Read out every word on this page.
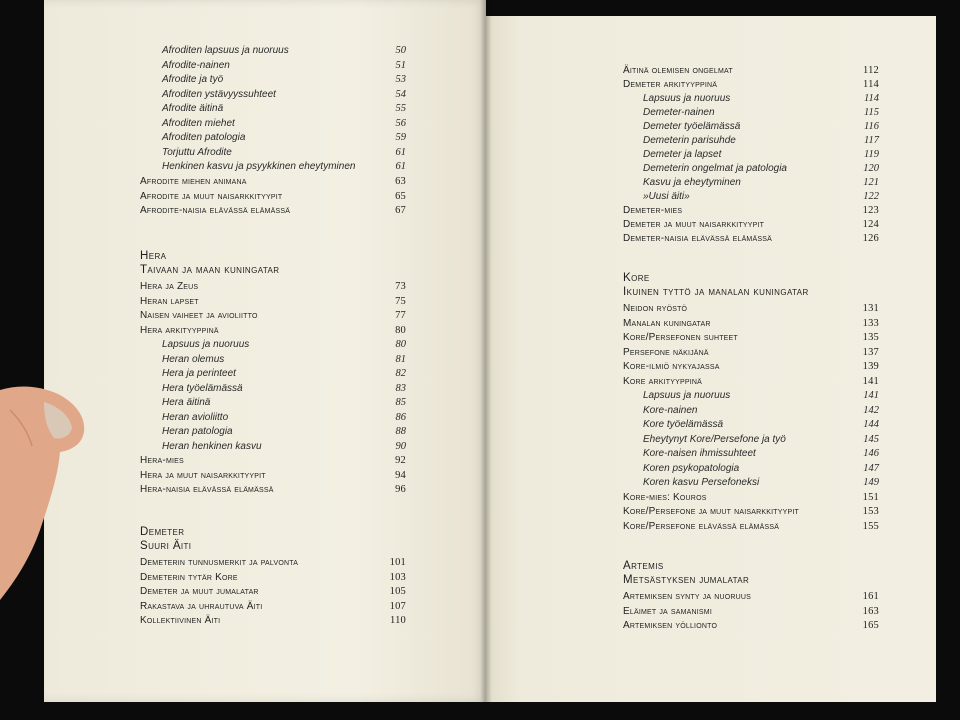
Afroditen lapsuus ja nuoruus	50
Afrodite-nainen	51
Afrodite ja työ	53
Afroditen ystävyyssuhteet	54
Afrodite äitinä	55
Afroditen miehet	56
Afroditen patologia	59
Torjuttu Afrodite	61
Henkinen kasvu ja psyykkinen eheytyminen	61
Afrodite miehen animana	63
Afrodite ja muut naisarkkityypit	65
Afrodite-naisia elävässä elämässä	67
Hera
Taivaan ja maan kuningatar
Hera ja Zeus	73
Heran lapset	75
Naisen vaiheet ja avioliitto	77
Hera arkityyppinä	80
Lapsuus ja nuoruus	80
Heran olemus	81
Hera ja perinteet	82
Hera työelämässä	83
Hera äitinä	85
Heran avioliitto	86
Heran patologia	88
Heran henkinen kasvu	90
Hera-mies	92
Hera ja muut naisarkkityypit	94
Hera-naisia elävässä elämässä	96
Demeter
Suuri Äiti
Demeterin tunnusmerkit ja palvonta	101
Demeterin tytär Kore	103
Demeter ja muut jumalatar	105
Rakastava ja uhrautuva Äiti	107
Kollektiivinen Äiti	110
Äitinä olemisen ongelmat	112
Demeter arkityyppinä	114
Lapsuus ja nuoruus	114
Demeter-nainen	115
Demeter työelämässä	116
Demeterin parisuhde	117
Demeter ja lapset	119
Demeterin ongelmat ja patologia	120
Kasvu ja eheytyminen	121
»Uusi äiti»	122
Demeter-mies	123
Demeter ja muut naisarkkityypit	124
Demeter-naisia elävässä elämässä	126
Kore
Ikuinen tyttö ja manalan kuningatar
Neidon ryöstö	131
Manalan kuningatar	133
Kore/Persefonen suhteet	135
Persefone näkijänä	137
Kore-ilmiö nykyajassa	139
Kore arkityyppinä	141
Lapsuus ja nuoruus	141
Kore-nainen	142
Kore työelämässä	144
Eheytynyt Kore/Persefone ja työ	145
Kore-naisen ihmissuhteet	146
Koren psykopatologia	147
Koren kasvu Persefoneksi	149
Kore-mies: Kouros	151
Kore/Persefone ja muut naisarkkityypit	153
Kore/Persefone elävässä elämässä	155
Artemis
Metsästyksen jumalatar
Artemiksen synty ja nuoruus	161
Eläimet ja samanismi	163
Artemiksen yöllionto	165
